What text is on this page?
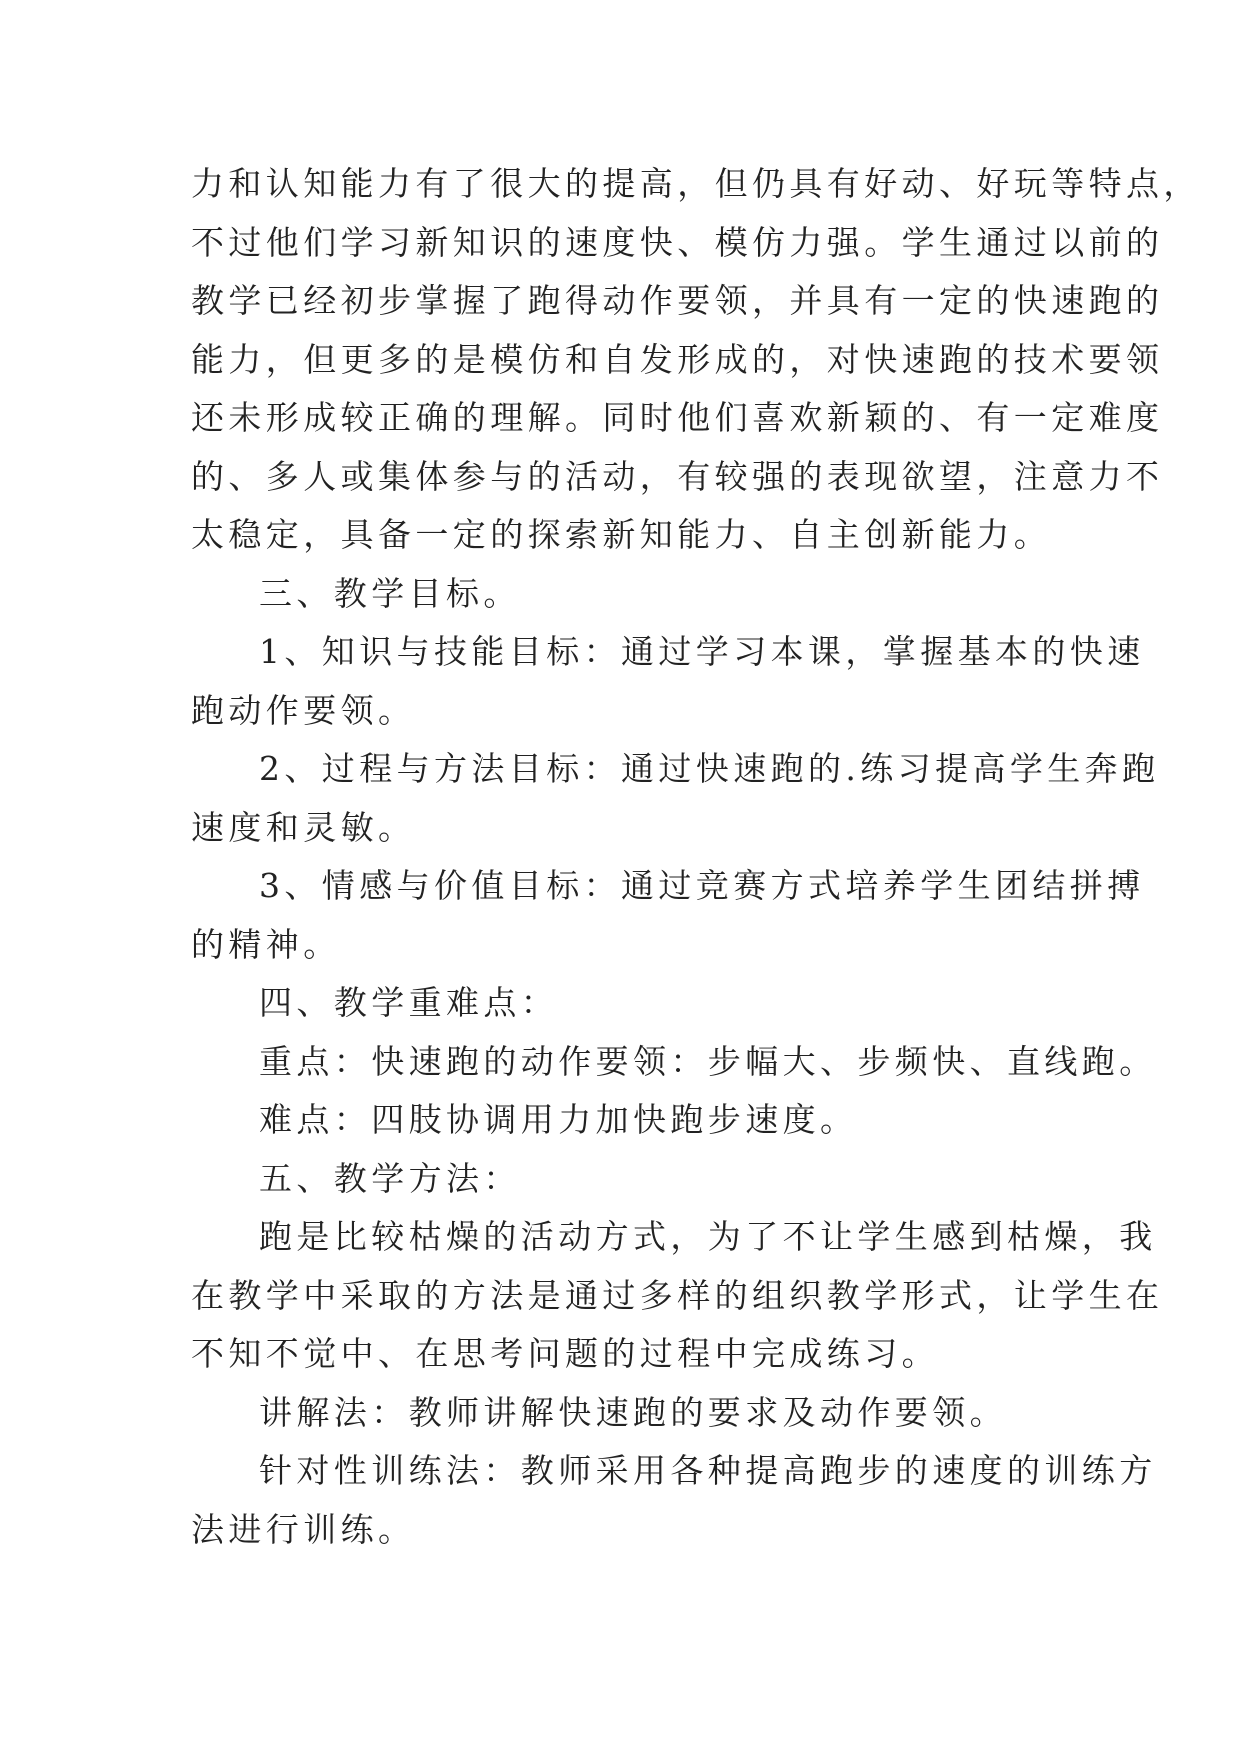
力和认知能力有了很大的提高，但仍具有好动、好玩等特点，

不过他们学习新知识的速度快、模仿力强。学生通过以前的

教学已经初步掌握了跑得动作要领，并具有一定的快速跑的

能力，但更多的是模仿和自发形成的，对快速跑的技术要领

还未形成较正确的理解。同时他们喜欢新颖的、有一定难度

的、多人或集体参与的活动，有较强的表现欲望，注意力不

太稳定，具备一定的探索新知能力、自主创新能力。

三、教学目标。

1、知识与技能目标：通过学习本课，掌握基本的快速

跑动作要领。

2、过程与方法目标：通过快速跑的.练习提高学生奔跑

速度和灵敏。

3、情感与价值目标：通过竞赛方式培养学生团结拼搏

的精神。

四、教学重难点：

重点：快速跑的动作要领：步幅大、步频快、直线跑。

难点：四肢协调用力加快跑步速度。

五、教学方法：

跑是比较枯燥的活动方式，为了不让学生感到枯燥，我

在教学中采取的方法是通过多样的组织教学形式，让学生在

不知不觉中、在思考问题的过程中完成练习。

讲解法：教师讲解快速跑的要求及动作要领。

针对性训练法：教师采用各种提高跑步的速度的训练方

法进行训练。
